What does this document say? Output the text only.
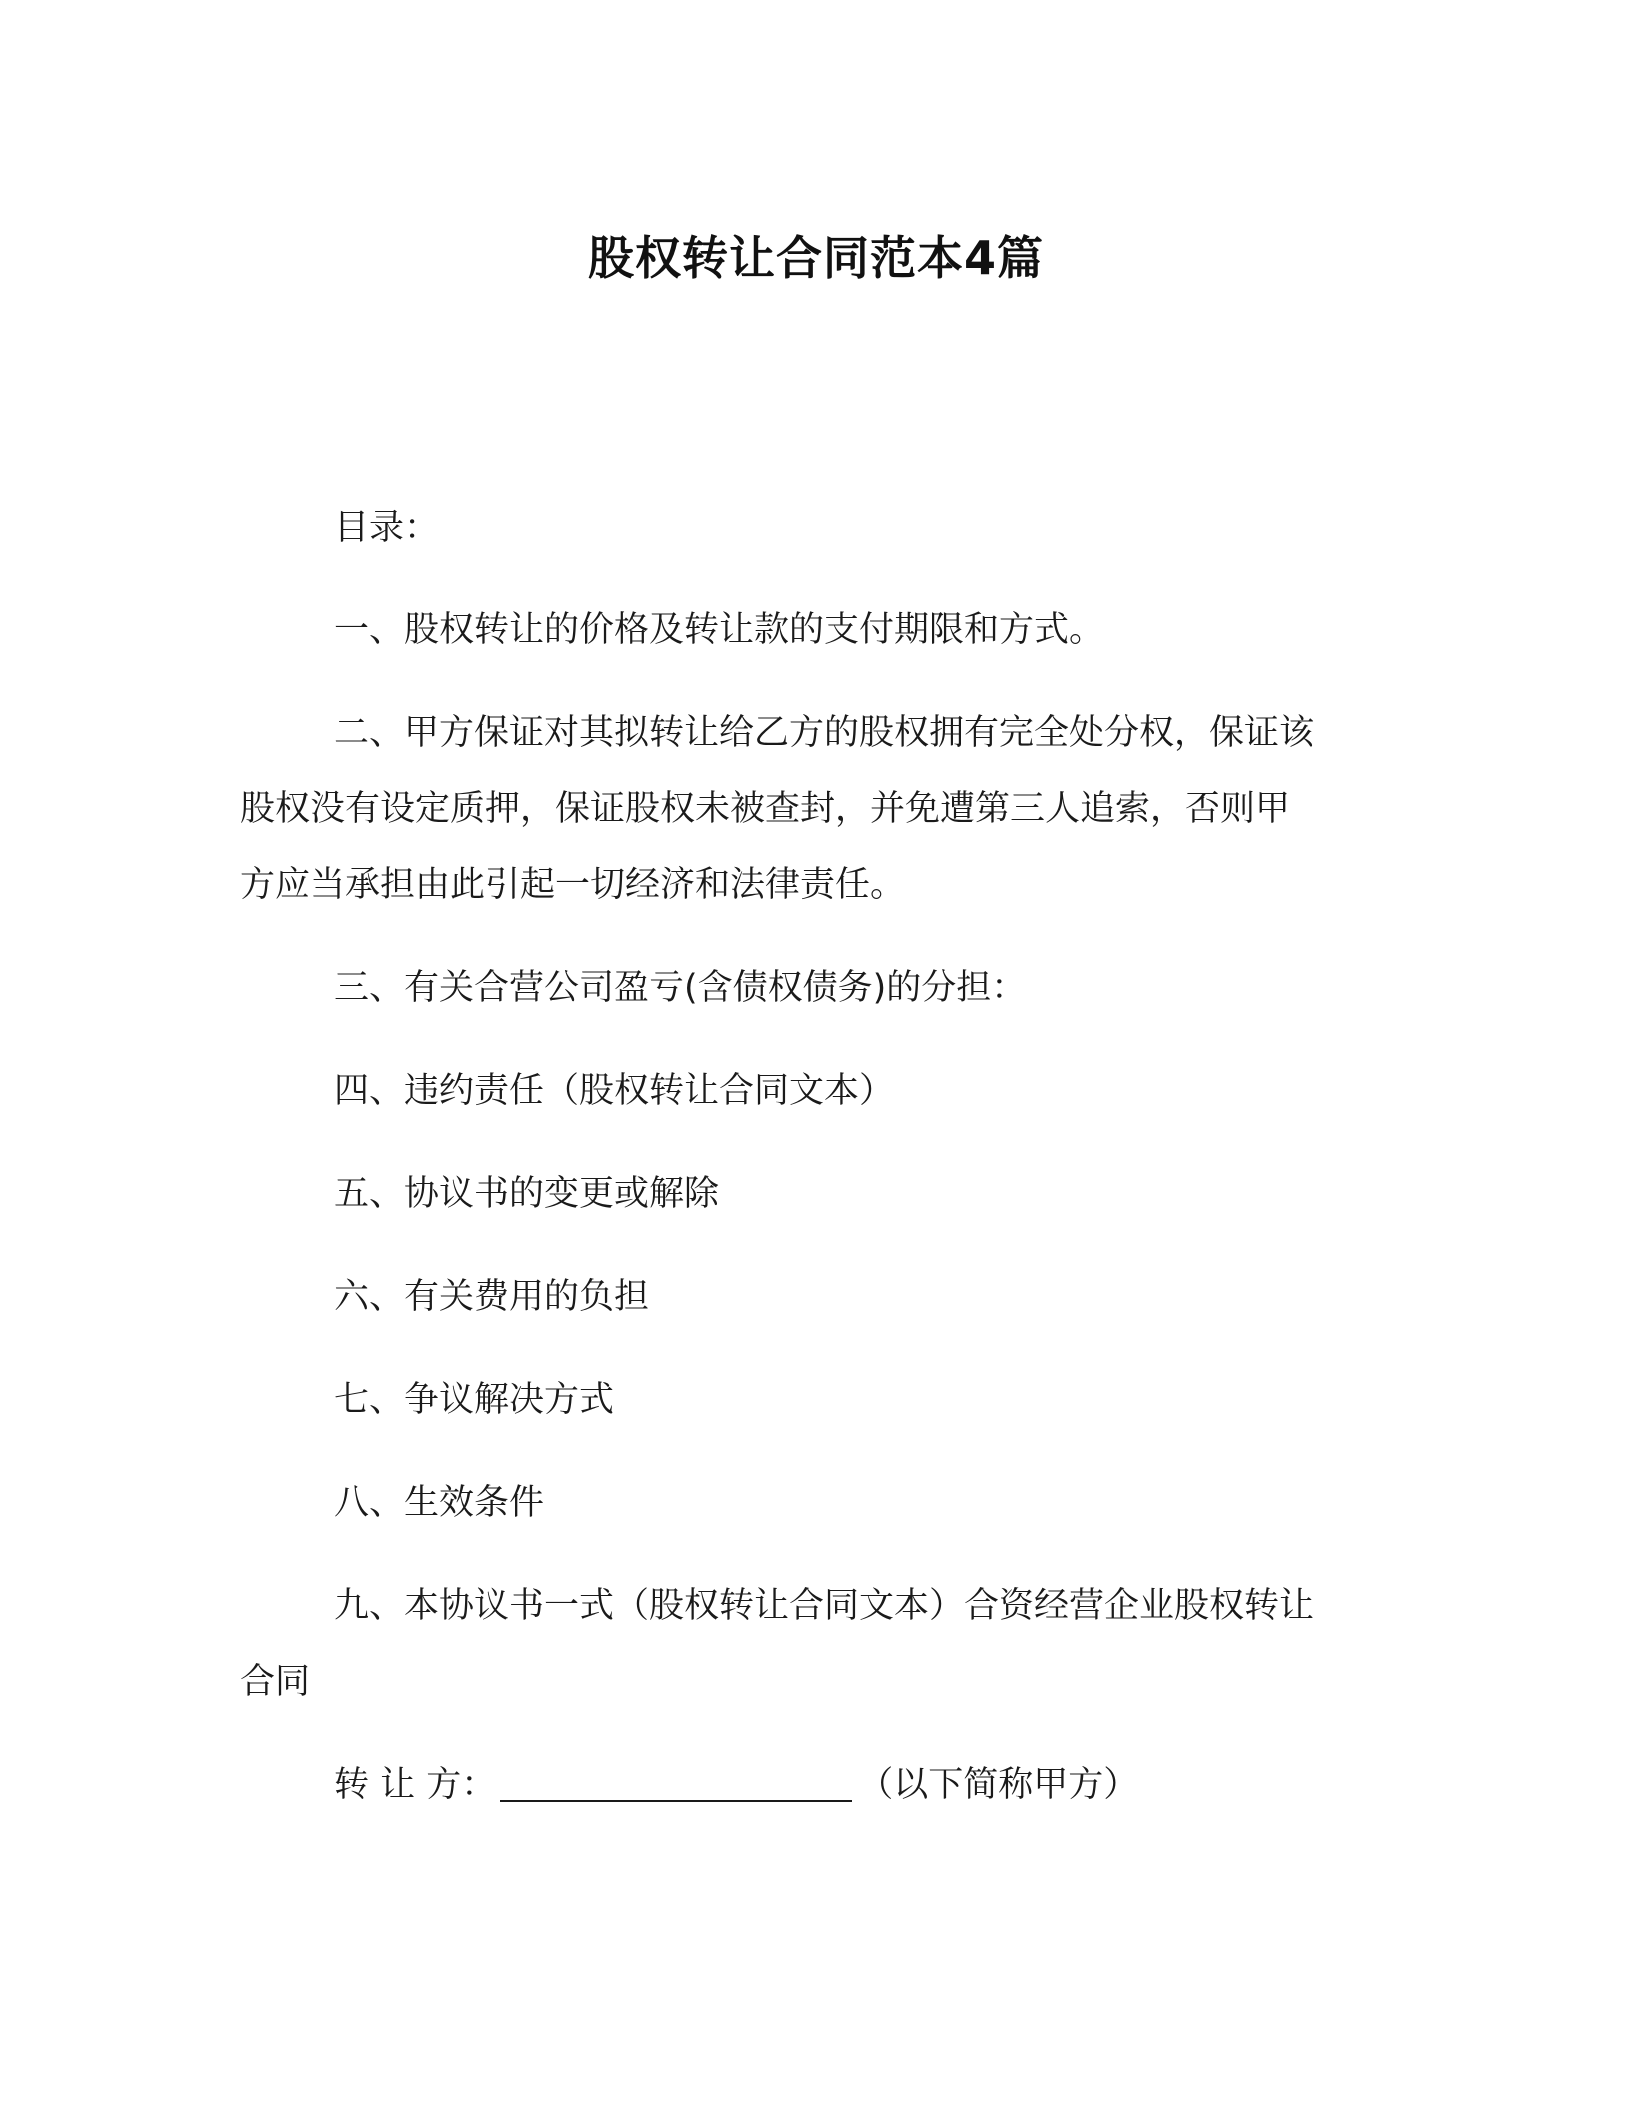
股权转让合同范本4篇
目录：
一、股权转让的价格及转让款的支付期限和方式。
二、甲方保证对其拟转让给乙方的股权拥有完全处分权，保证该
股权没有设定质押，保证股权未被查封，并免遭第三人追索，否则甲
方应当承担由此引起一切经济和法律责任。
三、有关合营公司盈亏(含债权债务)的分担：
四、违约责任（股权转让合同文本）
五、协议书的变更或解除
六、有关费用的负担
七、争议解决方式
八、生效条件
九、本协议书一式（股权转让合同文本）合资经营企业股权转让
合同
转 让 方：	（以下简称甲方）
